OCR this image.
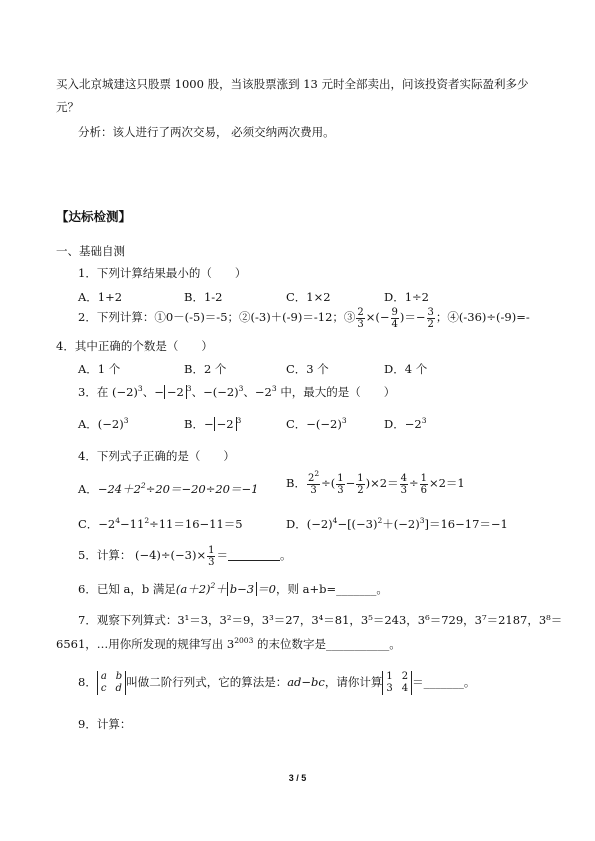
买入北京城建这只股票 1000 股，当该股票涨到 13 元时全部卖出，问该投资者实际盈利多少
元？
分析：该人进行了两次交易， 必须交纳两次费用。
【达标检测】
一、基础自测
1．下列计算结果最小的（　　）
A．1+2	B．1-2	C．1×2	D．1÷2
2．下列计算：①0－(-5)＝-5；②(-3)＋(-9)＝-12；③ $\frac{2}{3}$ ×(− $\frac{9}{4}$ )＝− $\frac{3}{2}$ ；④(-36)÷(-9)=-
4．其中正确的个数是（　　）
A．1 个	B．2 个	C．3 个	D．4 个
3．在 $(-2)^3$、− −2 $^3$、$-(-2)^3$、$-2^3$ 中，最大的是（　　）
A．$(-2)^3$	B．− −2 $^3$	C．$-(-2)^3$	D．$-2^3$
4．下列式子正确的是（　　）
A．$-24+2^2\div 20=-20\div 20=-1$ B． $\frac{2^2}{3}$ ÷( $\frac{1}{3} - \frac{1}{2} )\times 2= \frac{4}{3} \div \frac{1}{6} \times 2=1$
C．$-2^4-11^2\div 11=16-11=5$	D．$(-2)^4-[(-3)^2+(-2)^3]=16-17=-1$
5．计算： $(-4)\div(-3)\times \frac{1}{3}$ ＝	。
6．已知 a，b 满足$(a+2)^2+ b-3 =0$，则 a+b=_______。
7．观察下列算式：3¹＝3，3²＝9，3³＝27，3⁴＝81，3⁵＝243，3⁶＝729，3⁷＝2187，3⁸＝
6561，…用你所发现的规律写出 $3^{2003}$ 的末位数字是___________。
8． a b
c d 叫做二阶行列式，它的算法是：ad−bc，请你计算 1 2
3 4 ＝_______。
9．计算：
3 / 5
